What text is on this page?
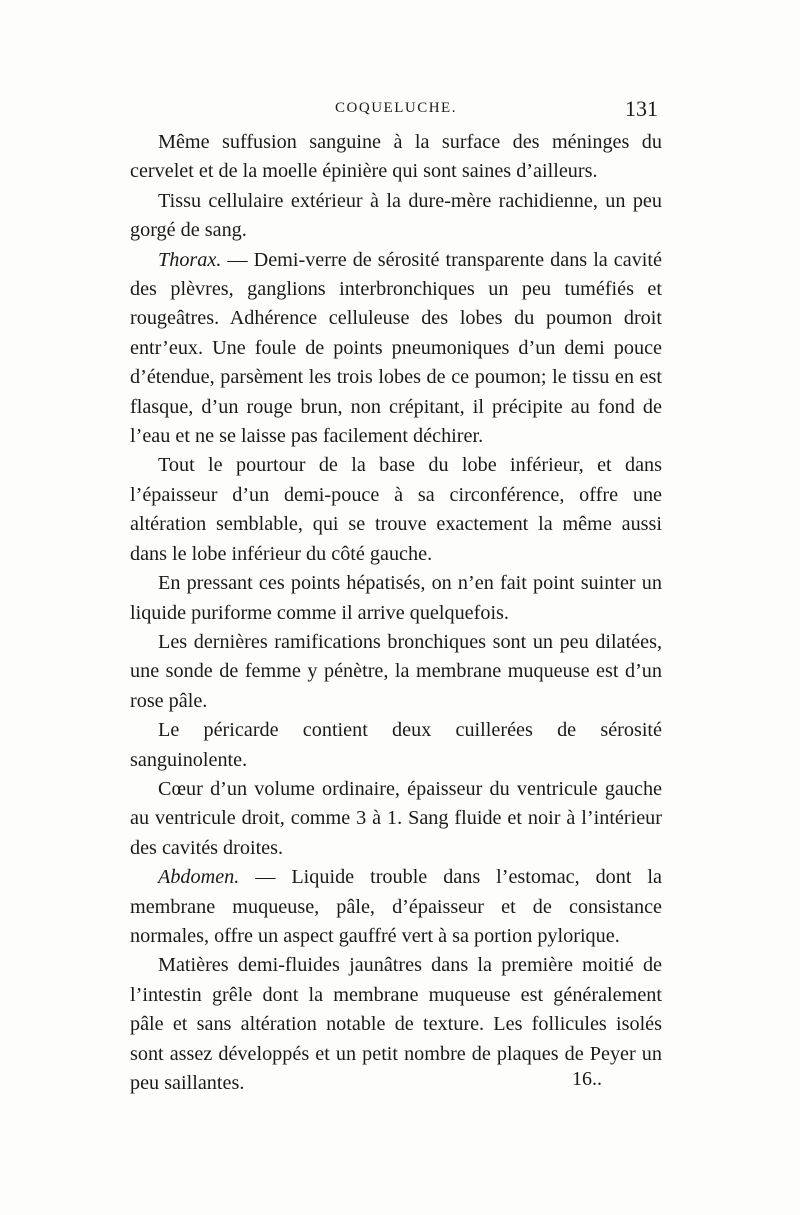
COQUELUCHE.	131

Même suffusion sanguine à la surface des méninges du cervelet et de la moelle épinière qui sont saines d’ailleurs.

Tissu cellulaire extérieur à la dure-mère rachidienne, un peu gorgé de sang.

Thorax. — Demi-verre de sérosité transparente dans la cavité des plèvres, ganglions interbronchiques un peu tuméfiés et rougeâtres. Adhérence celluleuse des lobes du poumon droit entr’eux. Une foule de points pneumoniques d’un demi pouce d’étendue, parsèment les trois lobes de ce poumon; le tissu en est flasque, d’un rouge brun, non crépitant, il précipite au fond de l’eau et ne se laisse pas facilement déchirer.

Tout le pourtour de la base du lobe inférieur, et dans l’épaisseur d’un demi-pouce à sa circonférence, offre une altération semblable, qui se trouve exactement la même aussi dans le lobe inférieur du côté gauche.

En pressant ces points hépatisés, on n’en fait point suinter un liquide puriforme comme il arrive quelquefois.

Les dernières ramifications bronchiques sont un peu dilatées, une sonde de femme y pénètre, la membrane muqueuse est d’un rose pâle.

Le péricarde contient deux cuillerées de sérosité sanguinolente.

Cœur d’un volume ordinaire, épaisseur du ventricule gauche au ventricule droit, comme 3 à 1. Sang fluide et noir à l’intérieur des cavités droites.

Abdomen. — Liquide trouble dans l’estomac, dont la membrane muqueuse, pâle, d’épaisseur et de consistance normales, offre un aspect gauffré vert à sa portion pylorique.

Matières demi-fluides jaunâtres dans la première moitié de l’intestin grêle dont la membrane muqueuse est généralement pâle et sans altération notable de texture. Les follicules isolés sont assez développés et un petit nombre de plaques de Peyer un peu saillantes.	16..
